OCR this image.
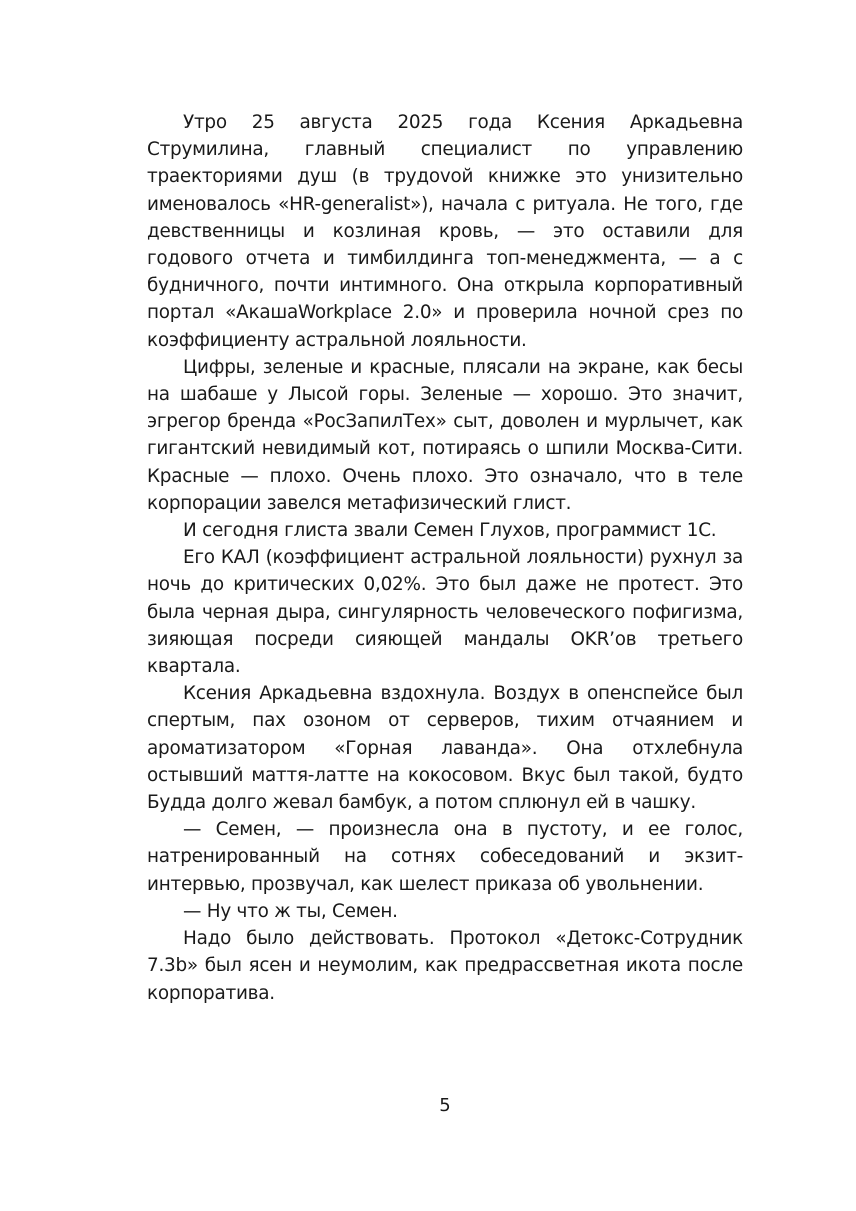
Утро 25 августа 2025 года Ксения Аркадьевна Струмилина, главный специалист по управлению траекториями душ (в трудоvой книжке это унизительно именовалось «HR-generalist»), начала с ритуала. Не того, где девственницы и козлиная кровь, — это оставили для годового отчета и тимбилдинга топ-менеджмента, — а с будничного, почти интимного. Она открыла корпоративный портал «АкашаWorkplace 2.0» и проверила ночной срез по коэффициенту астральной лояльности.

Цифры, зеленые и красные, плясали на экране, как бесы на шабаше у Лысой горы. Зеленые — хорошо. Это значит, эгрегор бренда «РосЗапилТех» сыт, доволен и мурлычет, как гигантский невидимый кот, потираясь о шпили Москва-Сити. Красные — плохо. Очень плохо. Это означало, что в теле корпорации завелся метафизический глист.

И сегодня глиста звали Семен Глухов, программист 1С.

Его КАЛ (коэффициент астральной лояльности) рухнул за ночь до критических 0,02%. Это был даже не протест. Это была черная дыра, сингулярность человеческого пофигизма, зияющая посреди сияющей мандалы OKR’ов третьего квартала.

Ксения Аркадьевна вздохнула. Воздух в опенспейсе был спертым, пах озоном от серверов, тихим отчаянием и ароматизатором «Горная лаванда». Она отхлебнула остывший маття-латте на кокосовом. Вкус был такой, будто Будда долго жевал бамбук, а потом сплюнул ей в чашку.

— Семен, — произнесла она в пустоту, и ее голос, натренированный на сотнях собеседований и экзит-интервью, прозвучал, как шелест приказа об увольнении.

— Ну что ж ты, Семен.

Надо было действовать. Протокол «Детокс-Сотрудник 7.3b» был ясен и неумолим, как предрассветная икота после корпоратива.

5
